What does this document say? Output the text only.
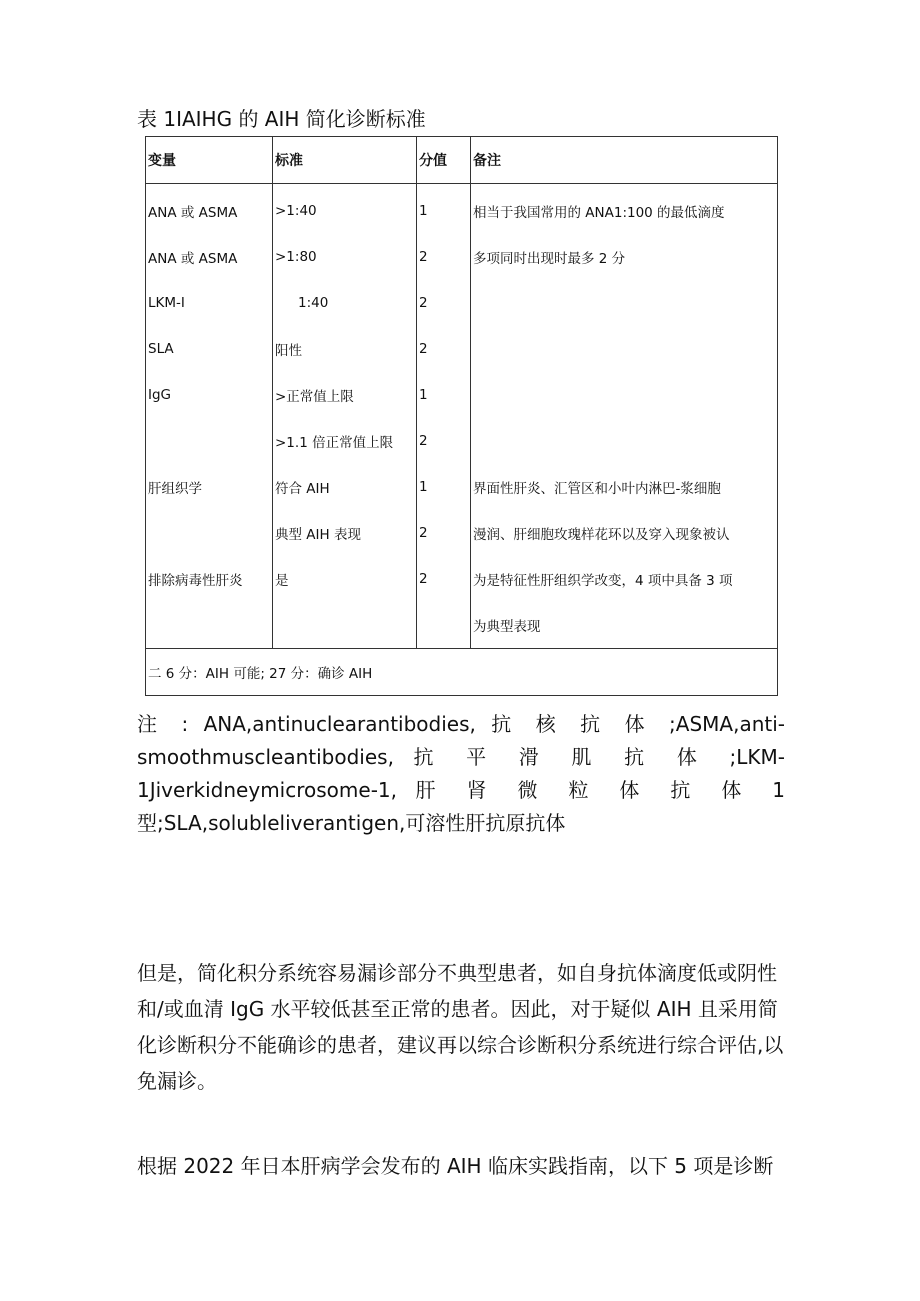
表 1IAIHG 的 AIH 简化诊断标准
变量	标准	分值	备注
ANA 或 ASMA	>1:40	1	相当于我国常用的 ANA1:100 的最低滴度
ANA 或 ASMA	>1:80	2	多项同时出现时最多 2 分
LKM-I	1:40	2	
SLA	阳性	2	
IgG	>正常值上限	1	
	>1.1 倍正常值上限	2	
肝组织学	符合 AIH	1	界面性肝炎、汇管区和小叶内淋巴-浆细胞
	典型 AIH 表现	2	漫润、肝细胞玫瑰样花环以及穿入现象被认
排除病毒性肝炎	是	2	为是特征性肝组织学改变，4 项中具备 3 项
			为典型表现
二 6 分：AIH 可能; 27 分：确诊 AIH			
注 : ANA,antinuclearantibodies, 抗 核 抗 体 ;ASMA,anti-
smoothmuscleantibodies, 抗 平 滑 肌 抗 体 ;LKM-
1Jiverkidneymicrosome-1, 肝 肾 微 粒 体 抗 体 1
型;SLA,solubleliverantigen,可溶性肝抗原抗体
但是，简化积分系统容易漏诊部分不典型患者，如自身抗体滴度低或阴性
和/或血清 IgG 水平较低甚至正常的患者。因此，对于疑似 AIH 且采用简
化诊断积分不能确诊的患者，建议再以综合诊断积分系统进行综合评估,以
免漏诊。
根据 2022 年日本肝病学会发布的 AIH 临床实践指南，以下 5 项是诊断
